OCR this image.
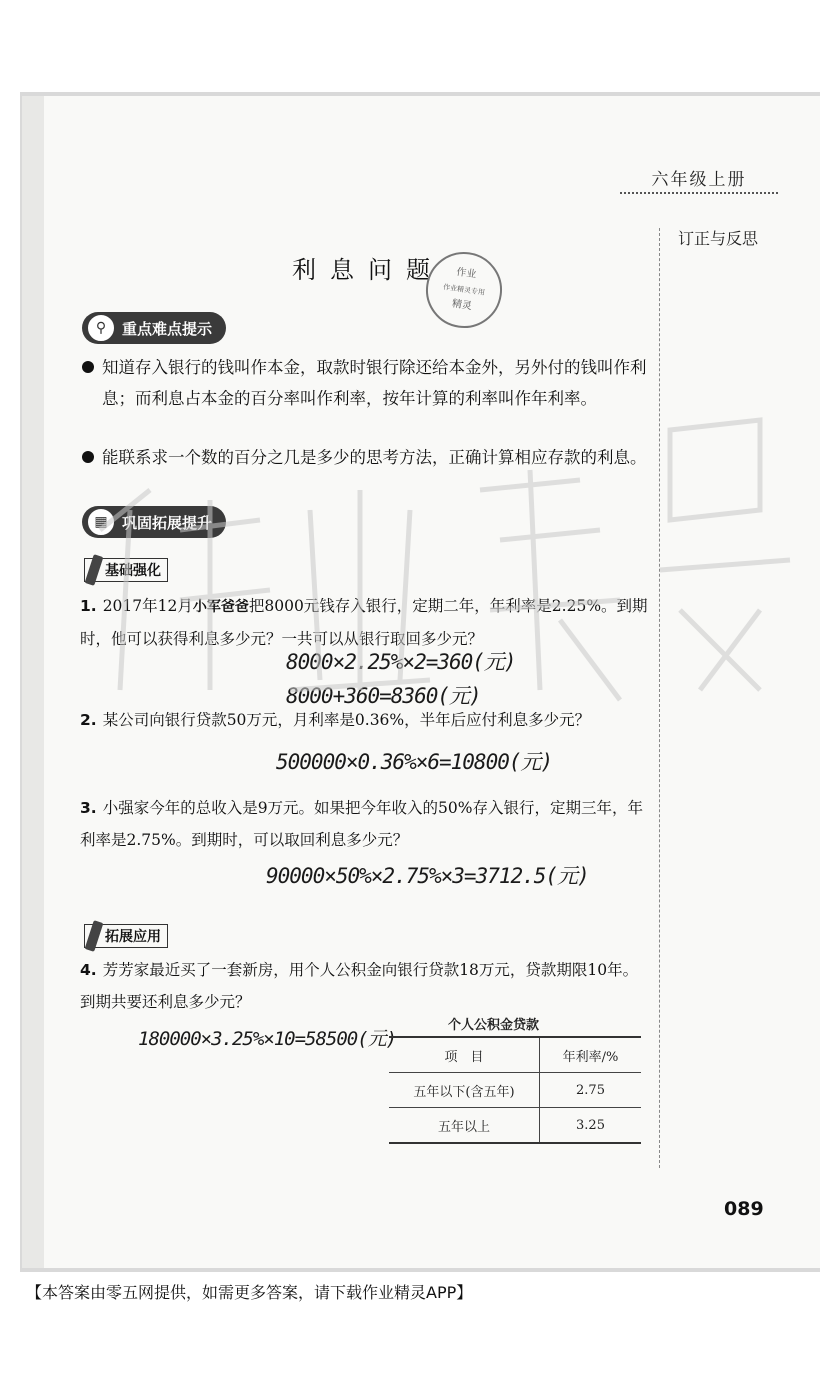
六年级上册
订正与反思
利息问题 作业
作业精灵专用
精灵
⚲	重点难点提示
知道存入银行的钱叫作本金，取款时银行除还给本金外，另外付的钱叫作利息；而利息占本金的百分率叫作利率，按年计算的利率叫作年利率。
能联系求一个数的百分之几是多少的思考方法，正确计算相应存款的利息。
▦ 巩固拓展提升
基础强化
1. 2017年12月小军爸爸把8000元钱存入银行，定期二年，年利率是2.25%。到期时，他可以获得利息多少元？一共可以从银行取回多少元？
8000×2.25%×2=360(元)
8000+360=8360(元)
2. 某公司向银行贷款50万元，月利率是0.36%，半年后应付利息多少元？
500000×0.36%×6=10800(元)
3. 小强家今年的总收入是9万元。如果把今年收入的50%存入银行，定期三年，年利率是2.75%。到期时，可以取回利息多少元？
90000×50%×2.75%×3=3712.5(元)
拓展应用
4. 芳芳家最近买了一套新房，用个人公积金向银行贷款18万元，贷款期限10年。到期共要还利息多少元？
180000×3.25%×10=58500(元)
个人公积金贷款
项　目	年利率/%
五年以下(含五年)	2.75
五年以上	3.25
089
【本答案由零五网提供，如需更多答案，请下载作业精灵APP】
